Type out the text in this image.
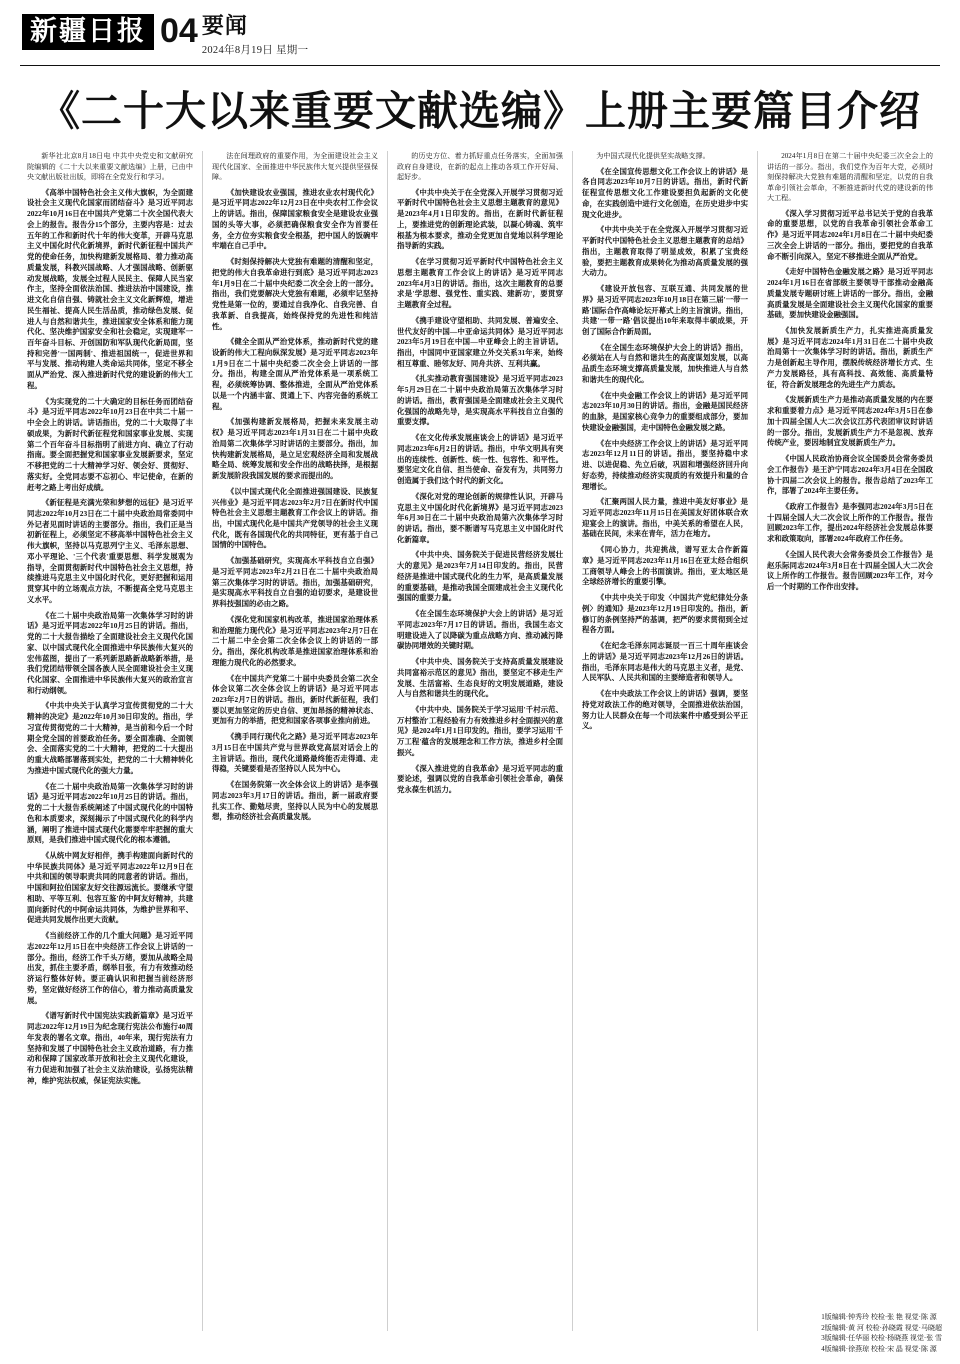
新疆日报 04 要闻
2024年8月19日 星期一
《二十大以来重要文献选编》上册主要篇目介绍

新华社北京8月18日电 中共中央党史和文献研究院编辑的《二十大以来重要文献选编》上册，已由中央文献出版社出版，即将在全党发行和学习。

《高举中国特色社会主义伟大旗帜，为全面建设社会主义现代化国家而团结奋斗》是习近平同志2022年10月16日在中国共产党第二十次全国代表大会上的报告。报告分15个部分，主要内容是：过去五年的工作和新时代十年的伟大变革，开辟马克思主义中国化时代化新境界，新时代新征程中国共产党的使命任务，加快构建新发展格局、着力推动高质量发展，科教兴国战略、人才强国战略、创新驱动发展战略，发展全过程人民民主、保障人民当家作主，坚持全面依法治国、推进法治中国建设，推进文化自信自强、铸就社会主义文化新辉煌，增进民生福祉、提高人民生活品质，推动绿色发展、促进人与自然和谐共生，推进国家安全体系和能力现代化、坚决维护国家安全和社会稳定，实现建军一百年奋斗目标、开创国防和军队现代化新局面，坚持和完善'一国两制'、推进祖国统一，促进世界和平与发展、推动构建人类命运共同体，坚定不移全面从严治党、深入推进新时代党的建设新的伟大工程。

《为实现党的二十大确定的目标任务而团结奋斗》是习近平同志2022年10月23日在中共二十届一中全会上的讲话。讲话指出，党的二十大取得了丰硕成果，为新时代新征程党和国家事业发展、实现第二个百年奋斗目标指明了前进方向、确立了行动指南。要全面把握党和国家事业发展新要求，坚定不移把党的二十大精神学习好、领会好、贯彻好、落实好。全党同志要不忘初心、牢记使命，在新的赶考之路上考出好成绩。

《新征程是充满光荣和梦想的远征》是习近平同志2022年10月23日在二十届中央政治局常委同中外记者见面时讲话的主要部分。指出，我们正是当初新征程上，必须坚定不移高举中国特色社会主义伟大旗帜，坚持以马克思列宁主义、毛泽东思想、邓小平理论、'三个代表'重要思想、科学发展观为指导，全面贯彻新时代中国特色社会主义思想，持续推进马克思主义中国化时代化，更好把握和运用贯穿其中的立场观点方法，不断提高全党马克思主义水平。

《在二十届中央政治局第一次集体学习时的讲话》是习近平同志2022年10月25日的讲话。指出，党的二十大报告描绘了全面建设社会主义现代化国家、以中国式现代化全面推进中华民族伟大复兴的宏伟蓝图，提出了一系列新思路新战略新举措，是我们党团结带领全国各族人民全面建设社会主义现代化国家、全面推进中华民族伟大复兴的政治宣言和行动纲领。

《中共中央关于认真学习宣传贯彻党的二十大精神的决定》是2022年10月30日印发的。指出，学习宣传贯彻党的二十大精神，是当前和今后一个时期全党全国的首要政治任务。要全面准确、全面领会、全面落实党的二十大精神，把党的二十大提出的重大战略部署落到实处，把党的二十大精神转化为推进中国式现代化的强大力量。

《在二十届中央政治局第一次集体学习时的讲话》是习近平同志2022年10月25日的讲话。指出，党的二十大报告系统阐述了中国式现代化的中国特色和本质要求，深刻揭示了中国式现代化的科学内涵，阐明了推进中国式现代化需要牢牢把握的重大原则，是我们推进中国式现代化的根本遵循。

《从统中网友好相伴，携手构建面向新时代的中华民族共同体》是习近平同志2022年12月9日在中共和国的领导职责共同的同意者的讲话。指出，中国和阿拉伯国家友好交往源远流长。要继承'守望相助、平等互利、包容互鉴'的中阿友好精神，共建面向新时代的中阿命运共同体，为维护世界和平、促进共同发展作出更大贡献。

《当前经济工作的几个重大问题》是习近平同志2022年12月15日在中央经济工作会议上讲话的一部分。指出，经济工作千头万绪，要加从战略全局出发，抓住主要矛盾，纲举目张，有力有效推动经济运行整体好转。要正确认识和把握当前经济形势，坚定做好经济工作的信心，着力推动高质量发展。

《谱写新时代中国宪法实践新篇章》是习近平同志2022年12月19日为纪念现行宪法公布施行40周年发表的署名文章。指出，40年来，现行宪法有力坚持和发展了中国特色社会主义政治道路，有力推动和保障了国家改革开放和社会主义现代化建设，有力促进和加强了社会主义法治建设，弘扬宪法精神，维护宪法权威，保证宪法实施。

法在间理政府的重要作用，为全面建设社会主义现代化国家、全面推进中华民族伟大复兴提供坚强保障。

《加快建设农业强国，推进农业农村现代化》是习近平同志2022年12月23日在中央农村工作会议上的讲话。指出，保障国家粮食安全是建设农业强国的头等大事，必须把确保粮食安全作为首要任务，全方位夯实粮食安全根基，把中国人的饭碗牢牢端在自己手中。

《时刻保持解决大党独有难题的清醒和坚定，把党的伟大自我革命进行到底》是习近平同志2023年1月9日在二十届中央纪委二次全会上的一部分。指出，我们党要解决大党独有难题，必须牢记坚持党性是第一位的，要通过自我净化、自我完善、自我革新、自我提高，始终保持党的先进性和纯洁性。

《健全全面从严治党体系，推动新时代党的建设新的伟大工程向纵深发展》是习近平同志2023年1月9日在二十届中央纪委二次全会上讲话的一部分。指出，构建全面从严治党体系是一项系统工程，必须统筹协调、整体推进，全面从严治党体系以是一个内涵丰富、贯通上下、内容完备的系统工程。

《加强构建新发展格局，把握未来发展主动权》是习近平同志2023年1月31日在二十届中央政治局第二次集体学习时讲话的主要部分。指出，加快构建新发展格局，是立足宏观经济全局和发展战略全局、统筹发展和安全作出的战略抉择，是根据新发展阶段我国发展的要求而提出的。

《以中国式现代化全面推进强国建设、民族复兴伟业》是习近平同志2023年2月7日在新时代中国特色社会主义思想主题教育工作会议上的讲话。指出，中国式现代化是中国共产党领导的社会主义现代化，既有各国现代化的共同特征，更有基于自己国情的中国特色。

《加强基础研究，实现高水平科技自立自强》是习近平同志2023年2月21日在二十届中央政治局第三次集体学习时的讲话。指出，加强基础研究，是实现高水平科技自立自强的迫切要求，是建设世界科技强国的必由之路。

《深化党和国家机构改革，推进国家治理体系和治理能力现代化》是习近平同志2023年2月7日在二十届二中全会第二次全体会议上的讲话的一部分。指出，深化机构改革是推进国家治理体系和治理能力现代化的必然要求。

《在中国共产党第二十届中央委员会第二次全体会议第二次全体会议上的讲话》是习近平同志2023年2月7日的讲话。指出，新时代新征程，我们要以更加坚定的历史自信、更加昂扬的精神状态、更加有力的举措，把党和国家各项事业推向前进。

《携手同行现代化之路》是习近平同志2023年3月15日在中国共产党与世界政党高层对话会上的主旨讲话。指出，现代化道路最终能否走得通、走得稳，关键要看是否坚持以人民为中心。

《在国务院第一次全体会议上的讲话》是李强同志2023年3月17日的讲话。指出，新一届政府要扎实工作、勤勉尽责，坚持以人民为中心的发展思想，推动经济社会高质量发展。

的历史方位、着力抓好重点任务落实，全面加强政府自身建设，在新的起点上推动各项工作开好局、起好步。

《中共中央关于在全党深入开展学习贯彻习近平新时代中国特色社会主义思想主题教育的意见》是2023年4月1日印发的。指出，在新时代新征程上，要推进党的创新理论武装，以凝心铸魂、筑牢根基为根本要求，推动全党更加自觉地以科学理论指导新的实践。

《在学习贯彻习近平新时代中国特色社会主义思想主题教育工作会议上的讲话》是习近平同志2023年4月3日的讲话。指出，这次主题教育的总要求是'学思想、强党性、重实践、建新功'，要贯穿主题教育全过程。

《携手建设守望相助、共同发展、普遍安全、世代友好的中国—中亚命运共同体》是习近平同志2023年5月19日在中国—中亚峰会上的主旨讲话。指出，中国同中亚国家建立外交关系31年来，始终相互尊重、睦邻友好、同舟共济、互利共赢。

《扎实推动教育强国建设》是习近平同志2023年5月29日在二十届中央政治局第五次集体学习时的讲话。指出，教育强国是全面建成社会主义现代化强国的战略先导，是实现高水平科技自立自强的重要支撑。

《在文化传承发展座谈会上的讲话》是习近平同志2023年6月2日的讲话。指出，中华文明具有突出的连续性、创新性、统一性、包容性、和平性。要坚定文化自信、担当使命、奋发有为，共同努力创造属于我们这个时代的新文化。

《深化对党的理论创新的规律性认识，开辟马克思主义中国化时代化新境界》是习近平同志2023年6月30日在二十届中央政治局第六次集体学习时的讲话。指出，要不断谱写马克思主义中国化时代化新篇章。

《中共中央、国务院关于促进民营经济发展壮大的意见》是2023年7月14日印发的。指出，民营经济是推进中国式现代化的生力军，是高质量发展的重要基础，是推动我国全面建成社会主义现代化强国的重要力量。

《在全国生态环境保护大会上的讲话》是习近平同志2023年7月17日的讲话。指出，我国生态文明建设进入了以降碳为重点战略方向、推动减污降碳协同增效的关键时期。

《中共中央、国务院关于支持高质量发展建设共同富裕示范区的意见》指出，要坚定不移走生产发展、生活富裕、生态良好的文明发展道路，建设人与自然和谐共生的现代化。

《中共中央、国务院关于学习运用'千村示范、万村整治'工程经验有力有效推进乡村全面振兴的意见》是2024年1月1日印发的。指出，要学习运用'千万工程'蕴含的发展理念和工作方法，推进乡村全面振兴。

《深入推进党的自我革命》是习近平同志的重要论述，强调以党的自我革命引领社会革命，确保党永葆生机活力。

为中国式现代化提供坚实战略支撑。

《在全国宣传思想文化工作会议上的讲话》是各自同志2023年10月7日的讲话。指出，新时代新征程宣传思想文化工作建设要担负起新的文化使命，在实践创造中进行文化创造，在历史进步中实现文化进步。

《中共中央关于在全党深入开展学习贯彻习近平新时代中国特色社会主义思想主题教育的总结》指出，主题教育取得了明显成效，积累了宝贵经验，要把主题教育成果转化为推动高质量发展的强大动力。

《建设开放包容、互联互通、共同发展的世界》是习近平同志2023年10月18日在第三届'一带一路'国际合作高峰论坛开幕式上的主旨演讲。指出，共建'一带一路'倡议提出10年来取得丰硕成果，开创了国际合作新局面。

《在全国生态环境保护大会上的讲话》指出，必须站在人与自然和谐共生的高度谋划发展，以高品质生态环境支撑高质量发展，加快推进人与自然和谐共生的现代化。

《在中央金融工作会议上的讲话》是习近平同志2023年10月30日的讲话。指出，金融是国民经济的血脉，是国家核心竞争力的重要组成部分，要加快建设金融强国，走中国特色金融发展之路。

《在中央经济工作会议上的讲话》是习近平同志2023年12月11日的讲话。指出，要坚持稳中求进、以进促稳、先立后破，巩固和增强经济回升向好态势，持续推动经济实现质的有效提升和量的合理增长。

《汇聚两国人民力量，推进中美友好事业》是习近平同志2023年11月15日在美国友好团体联合欢迎宴会上的演讲。指出，中美关系的希望在人民，基础在民间，未来在青年，活力在地方。

《同心协力，共迎挑战，谱写亚太合作新篇章》是习近平同志2023年11月16日在亚太经合组织工商领导人峰会上的书面演讲。指出，亚太地区是全球经济增长的重要引擎。

《中共中央关于印发〈中国共产党纪律处分条例〉的通知》是2023年12月19日印发的。指出，新修订的条例坚持严的基调，把严的要求贯彻到全过程各方面。

《在纪念毛泽东同志诞辰一百三十周年座谈会上的讲话》是习近平同志2023年12月26日的讲话。指出，毛泽东同志是伟大的马克思主义者，是党、人民军队、人民共和国的主要缔造者和领导人。

《在中央政法工作会议上的讲话》强调，要坚持党对政法工作的绝对领导，全面推进依法治国，努力让人民群众在每一个司法案件中感受到公平正义。

2024年1月8日在第二十届中央纪委三次全会上的讲话的一部分。指出，我们党作为百年大党，必须时刻保持解决大党独有难题的清醒和坚定，以党的自我革命引领社会革命，不断推进新时代党的建设新的伟大工程。

《深入学习贯彻习近平总书记关于党的自我革命的重要思想，以党的自我革命引领社会革命工作》是习近平同志2024年1月8日在二十届中央纪委三次全会上讲话的一部分。指出，要把党的自我革命不断引向深入，坚定不移推进全面从严治党。

《走好中国特色金融发展之路》是习近平同志2024年1月16日在省部级主要领导干部推动金融高质量发展专题研讨班上讲话的一部分。指出，金融高质量发展是全面建设社会主义现代化国家的重要基础，要加快建设金融强国。

《加快发展新质生产力，扎实推进高质量发展》是习近平同志2024年1月31日在二十届中央政治局第十一次集体学习时的讲话。指出，新质生产力是创新起主导作用，摆脱传统经济增长方式、生产力发展路径，具有高科技、高效能、高质量特征，符合新发展理念的先进生产力质态。

《发展新质生产力是推动高质量发展的内在要求和重要着力点》是习近平同志2024年3月5日在参加十四届全国人大二次会议江苏代表团审议时讲话的一部分。指出，发展新质生产力不是忽视、放弃传统产业，要因地制宜发展新质生产力。

《中国人民政治协商会议全国委员会常务委员会工作报告》是王沪宁同志2024年3月4日在全国政协十四届二次会议上的报告。报告总结了2023年工作，部署了2024年主要任务。

《政府工作报告》是李强同志2024年3月5日在十四届全国人大二次会议上所作的工作报告。报告回顾2023年工作，提出2024年经济社会发展总体要求和政策取向，部署2024年政府工作任务。

《全国人民代表大会常务委员会工作报告》是赵乐际同志2024年3月8日在十四届全国人大二次会议上所作的工作报告。报告回顾2023年工作，对今后一个时期的工作作出安排。

1版编辑·钟秀玲 校检·张 艳 视觉·陈 源
2版编辑·黄 河 校检·孙晓霞 视觉·马晓超
3版编辑·任华丽 校检·杨晓燕 视觉·张 雪
4版编辑·徐燕琼 校检·宋 晶 视觉·陈 源
